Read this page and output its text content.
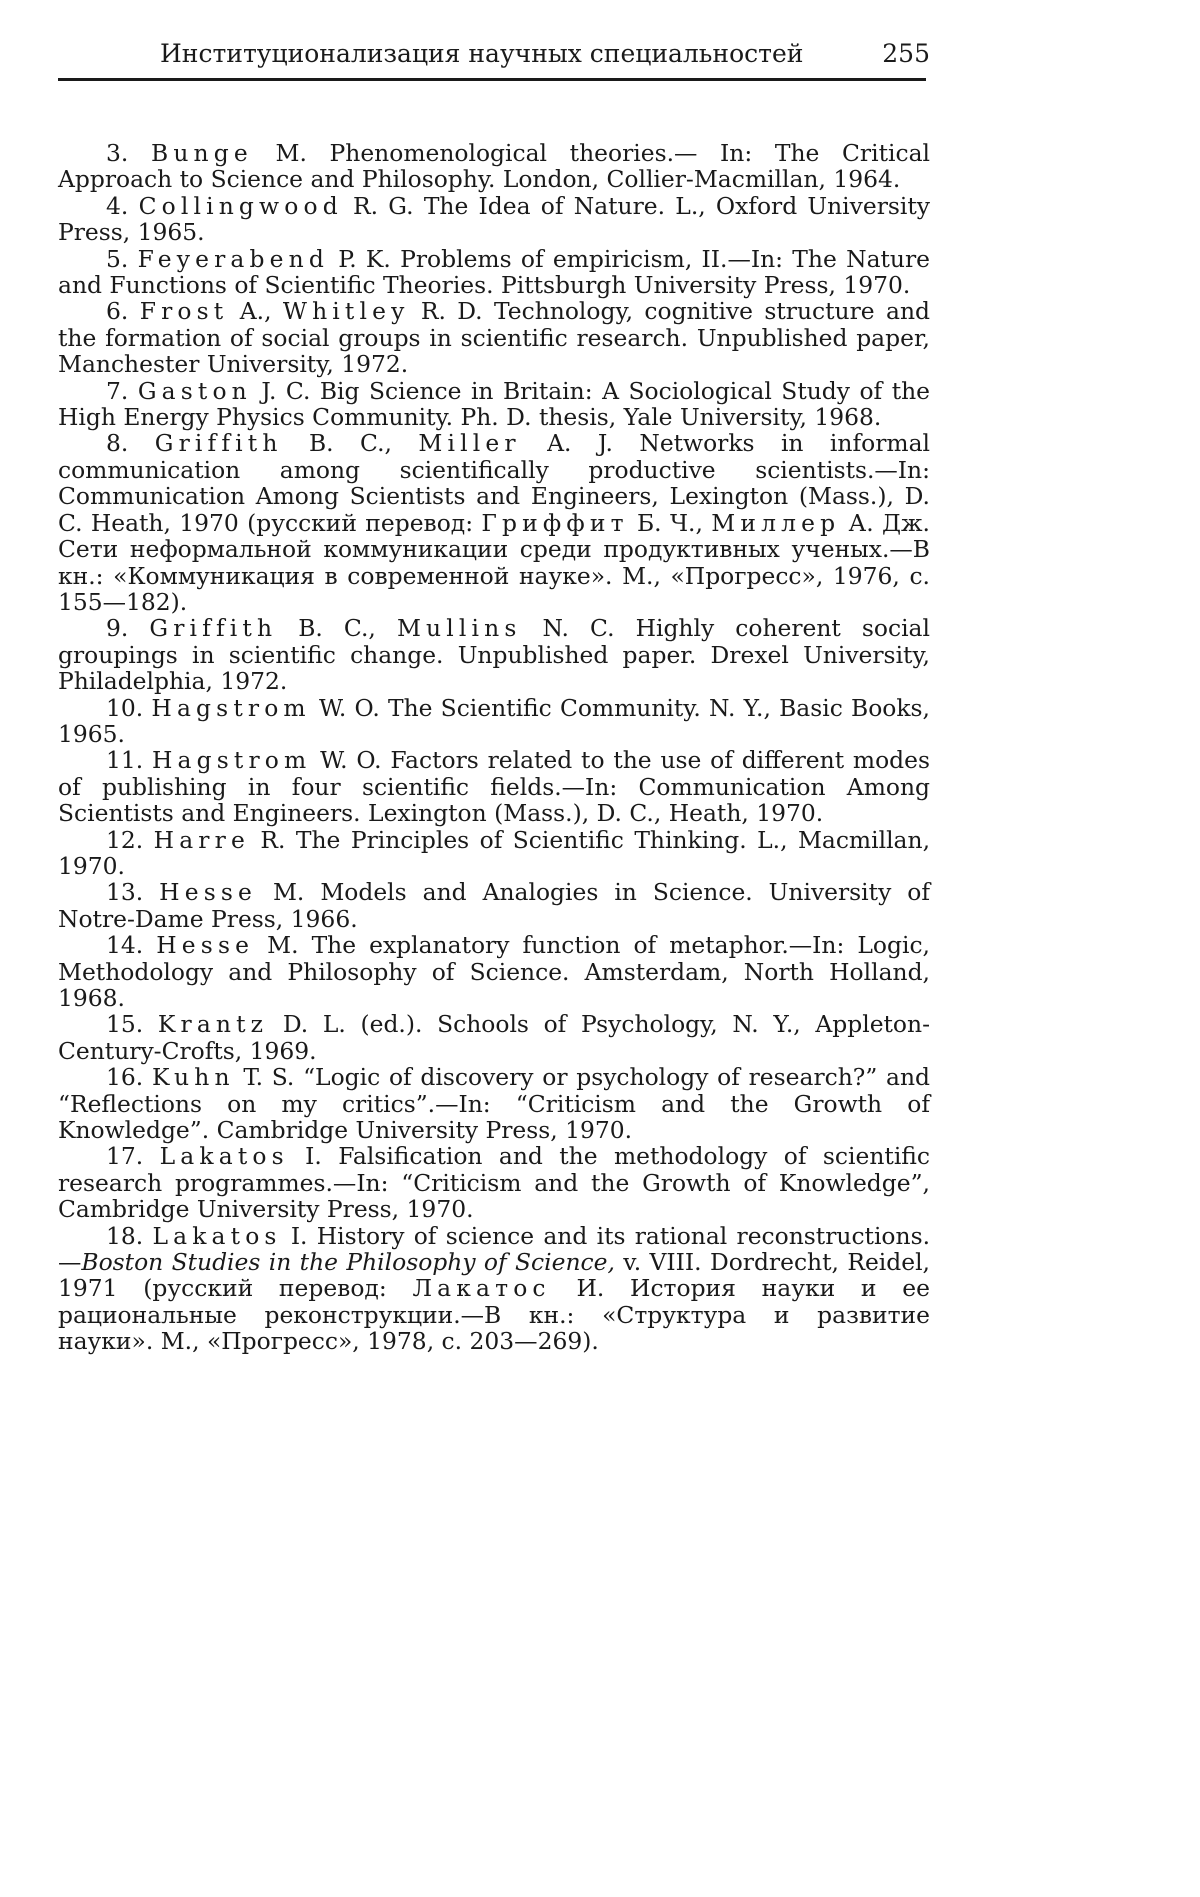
Институционализация научных специальностей	255

3. Bunge M. Phenomenological theories.— In: The Critical Approach to Science and Philosophy. London, Collier-Macmillan, 1964.

4. Collingwood R. G. The Idea of Nature. L., Oxford University Press, 1965.

5. Feyerabend P. K. Problems of empiricism, II.—In: The Nature and Functions of Scientific Theories. Pittsburgh University Press, 1970.

6. Frost A., Whitley R. D. Technology, cognitive structure and the formation of social groups in scientific research. Unpublished paper, Manchester University, 1972.

7. Gaston J. C. Big Science in Britain: A Sociological Study of the High Energy Physics Community. Ph. D. thesis, Yale University, 1968.

8. Griffith B. C., Miller A. J. Networks in informal communication among scientifically productive scientists.—In: Communication Among Scientists and Engineers, Lexington (Mass.), D. C. Heath, 1970 (русский перевод: Гриффит Б. Ч., Миллер А. Дж. Сети неформальной коммуникации среди продуктивных ученых.—В кн.: «Коммуникация в современной науке». М., «Прогресс», 1976, с. 155—182).

9. Griffith B. C., Mullins N. C. Highly coherent social groupings in scientific change. Unpublished paper. Drexel University, Philadelphia, 1972.

10. Hagstrom W. O. The Scientific Community. N. Y., Basic Books, 1965.

11. Hagstrom W. O. Factors related to the use of different modes of publishing in four scientific fields.—In: Communication Among Scientists and Engineers. Lexington (Mass.), D. C., Heath, 1970.

12. Harre R. The Principles of Scientific Thinking. L., Macmillan, 1970.

13. Hesse M. Models and Analogies in Science. University of Notre-Dame Press, 1966.

14. Hesse M. The explanatory function of metaphor.—In: Logic, Methodology and Philosophy of Science. Amsterdam, North Holland, 1968.

15. Krantz D. L. (ed.). Schools of Psychology, N. Y., Appleton-Century-Crofts, 1969.

16. Kuhn T. S. “Logic of discovery or psychology of research?” and “Reflections on my critics”.—In: “Criticism and the Growth of Knowledge”. Cambridge University Press, 1970.

17. Lakatos I. Falsification and the methodology of scientific research programmes.—In: “Criticism and the Growth of Knowledge”, Cambridge University Press, 1970.

18. Lakatos I. History of science and its rational reconstructions.—Boston Studies in the Philosophy of Science, v. VIII. Dordrecht, Reidel, 1971 (русский перевод: Лакатос И. История науки и ее рациональные реконструкции.—В кн.: «Структура и развитие науки». М., «Прогресс», 1978, с. 203—269).
